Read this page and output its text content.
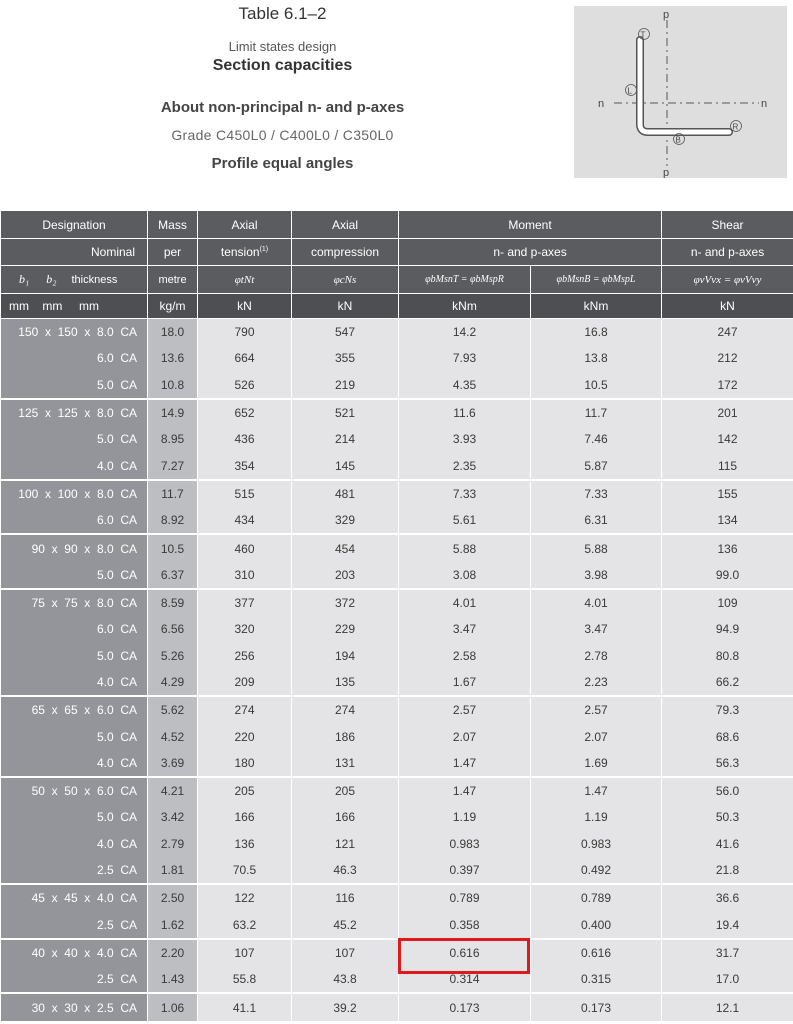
Table 6.1–2
Limit states design
Section capacities
About non-principal n- and p-axes
Grade C450L0 / C400L0 / C350L0
Profile equal angles
p
p
n	n
T
L
B
R
Designation	Mass	Axial	Axial	Moment		Shear
Nominal	per	tension$^{(1)}$	compression	n- and p-axes		n- and p-axes
b₁ b₂ thickness	metre	φtNt	φcNs	φbMsnT = φbMspR	φbMsnB = φbMspL	φvVvx = φvVvy
mm    mm     mm	kg/m	kN	kN	kNm	kNm	kN
150  x  150  x  8.0  CA	18.0	790	547	14.2	16.8	247
6.0  CA	13.6	664	355	7.93	13.8	212
5.0  CA	10.8	526	219	4.35	10.5	172
125  x  125  x  8.0  CA	14.9	652	521	11.6	11.7	201
5.0  CA	8.95	436	214	3.93	7.46	142
4.0  CA	7.27	354	145	2.35	5.87	115
100  x  100  x  8.0  CA	11.7	515	481	7.33	7.33	155
6.0  CA	8.92	434	329	5.61	6.31	134
90  x  90  x  8.0  CA	10.5	460	454	5.88	5.88	136
5.0  CA	6.37	310	203	3.08	3.98	99.0
75  x  75  x  8.0  CA	8.59	377	372	4.01	4.01	109
6.0  CA	6.56	320	229	3.47	3.47	94.9
5.0  CA	5.26	256	194	2.58	2.78	80.8
4.0  CA	4.29	209	135	1.67	2.23	66.2
65  x  65  x  6.0  CA	5.62	274	274	2.57	2.57	79.3
5.0  CA	4.52	220	186	2.07	2.07	68.6
4.0  CA	3.69	180	131	1.47	1.69	56.3
50  x  50  x  6.0  CA	4.21	205	205	1.47	1.47	56.0
5.0  CA	3.42	166	166	1.19	1.19	50.3
4.0  CA	2.79	136	121	0.983	0.983	41.6
2.5  CA	1.81	70.5	46.3	0.397	0.492	21.8
45  x  45  x  4.0  CA	2.50	122	116	0.789	0.789	36.6
2.5  CA	1.62	63.2	45.2	0.358	0.400	19.4
40  x  40  x  4.0  CA	2.20	107	107	0.616	0.616	31.7
2.5  CA	1.43	55.8	43.8	0.314	0.315	17.0
30  x  30  x  2.5  CA	1.06	41.1	39.2	0.173	0.173	12.1
